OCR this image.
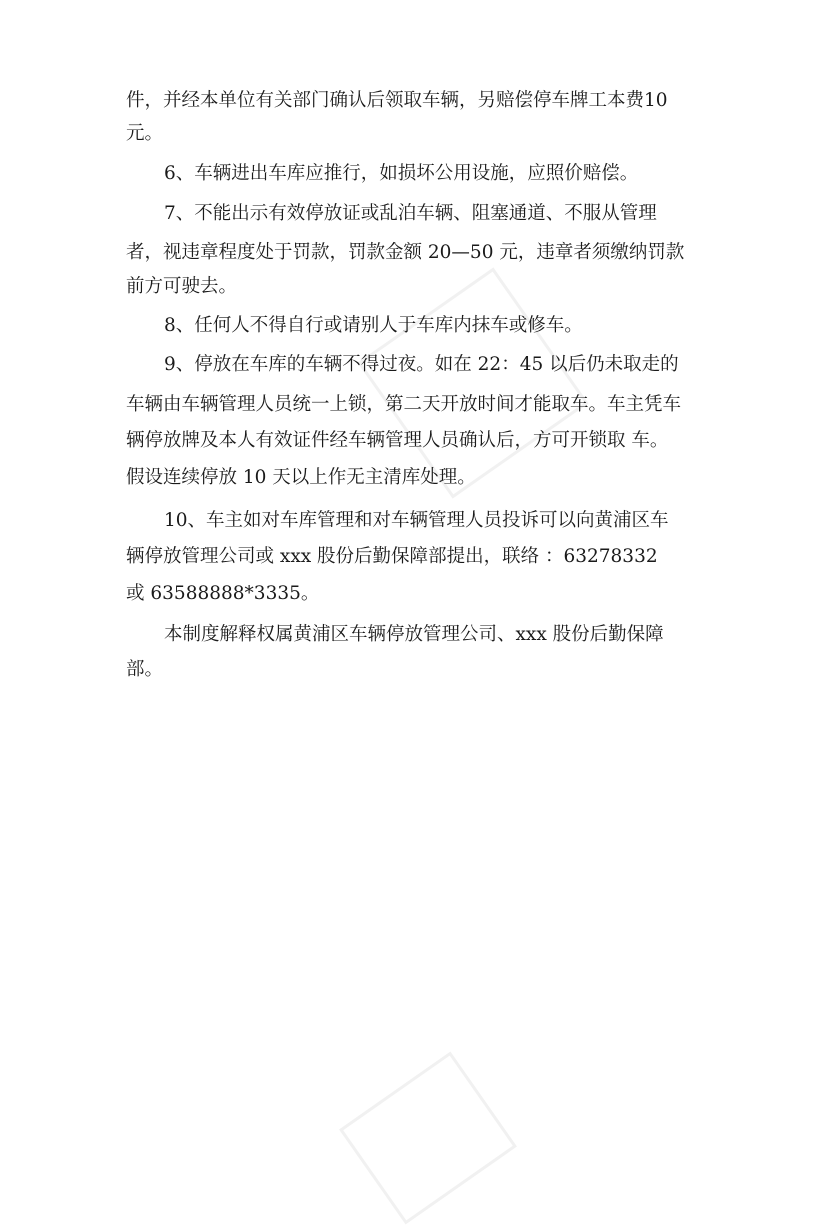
件，并经本单位有关部门确认后领取车辆，另赔偿停车牌工本费10
元。
6、车辆进出车库应推行，如损坏公用设施，应照价赔偿。
7、不能出示有效停放证或乱泊车辆、阻塞通道、不服从管理
者，视违章程度处于罚款，罚款金额 20—50 元，违章者须缴纳罚款
前方可驶去。
8、任何人不得自行或请别人于车库内抹车或修车。
9、停放在车库的车辆不得过夜。如在 22：45 以后仍未取走的
车辆由车辆管理人员统一上锁，第二天开放时间才能取车。车主凭车
辆停放牌及本人有效证件经车辆管理人员确认后，方可开锁取 车。
假设连续停放 10 天以上作无主清库处理。
10、车主如对车库管理和对车辆管理人员投诉可以向黄浦区车
辆停放管理公司或 xxx 股份后勤保障部提出，联络 ：63278332
或 63588888*3335。
本制度解释权属黄浦区车辆停放管理公司、xxx 股份后勤保障
部。
